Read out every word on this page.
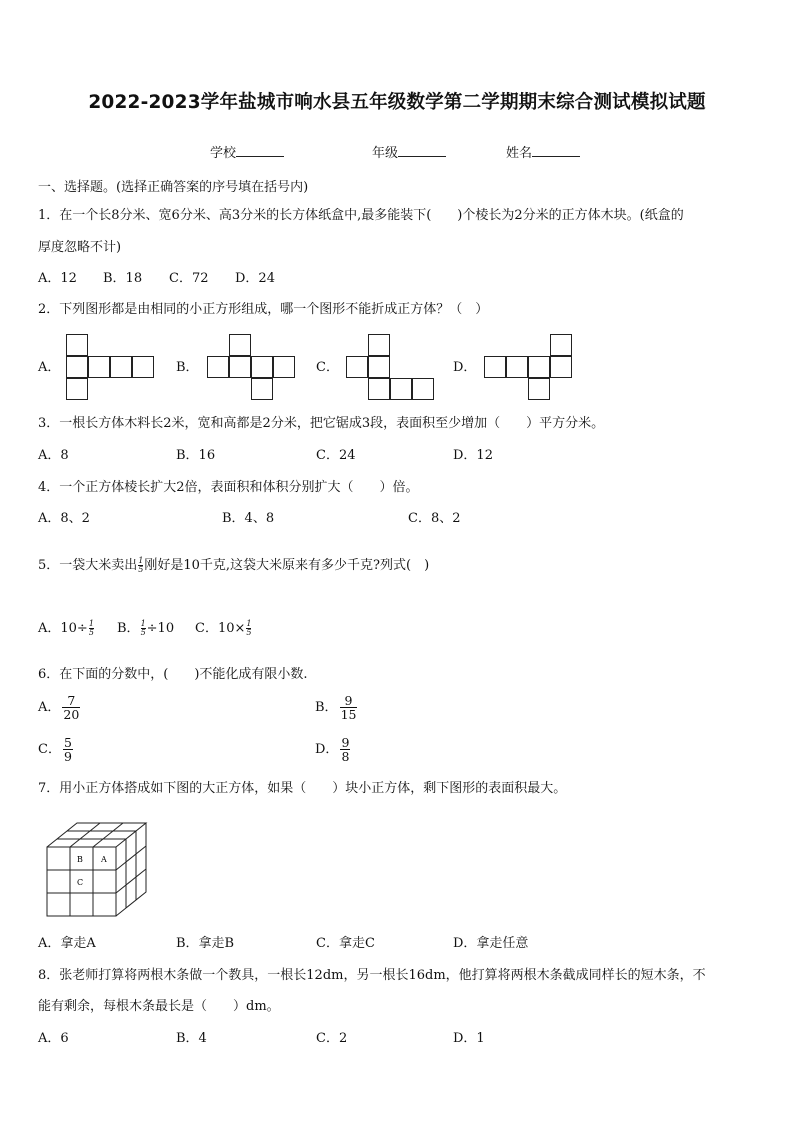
2022-2023学年盐城市响水县五年级数学第二学期期末综合测试模拟试题
学校	年级	姓名
一、选择题。(选择正确答案的序号填在括号内)
1．在一个长8分米、宽6分米、高3分米的长方体纸盒中,最多能装下(　　)个棱长为2分米的正方体木块。(纸盒的
厚度忽略不计)
A．12 B．18 C．72 D．24
2．下列图形都是由相同的小正方形组成，哪一个图形不能折成正方体？（　）
A．	B．	C．	D．
3．一根长方体木料长2米，宽和高都是2分米，把它锯成3段，表面积至少增加（　　）平方分米。
A．8	B．16	C．24	D．12
4．一个正方体棱长扩大2倍，表面积和体积分别扩大（　　）倍。
A．8、2	B．4、8	C．8、2
5．一袋大米卖出 $\frac{1}{5}$ 刚好是10千克,这袋大米原来有多少千克?列式(　)
A．$10\div \frac{1}{5}$ B． $\frac{1}{5} \div 10$ C．$10\times \frac{1}{5}$
6．在下面的分数中，(　　)不能化成有限小数.
A． $\frac{7}{20}$	B． $\frac{9}{15}$
C． $\frac{5}{9}$	D． $\frac{9}{8}$
7．用小正方体搭成如下图的大正方体，如果（　　）块小正方体，剩下图形的表面积最大。
B A
C
A．拿走A	B．拿走B	C．拿走C	D．拿走任意
8．张老师打算将两根木条做一个教具，一根长12dm，另一根长16dm，他打算将两根木条截成同样长的短木条，不
能有剩余，每根木条最长是（　　）dm。
A．6	B．4	C．2	D．1
